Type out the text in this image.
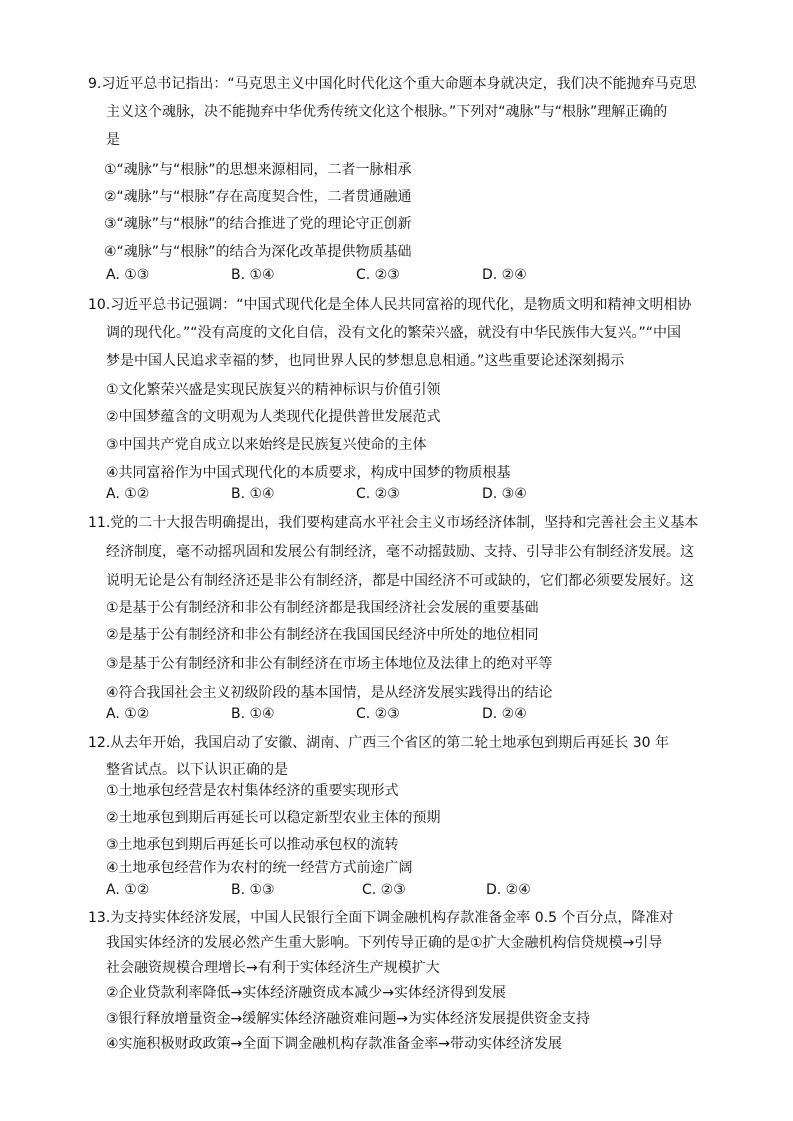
9.习近平总书记指出：“马克思主义中国化时代化这个重大命题本身就决定，我们决不能抛弃马克思
主义这个魂脉，决不能抛弃中华优秀传统文化这个根脉。”下列对“魂脉”与“根脉”理解正确的
是
①“魂脉”与“根脉”的思想来源相同，二者一脉相承
②“魂脉”与“根脉”存在高度契合性，二者贯通融通
③“魂脉”与“根脉”的结合推进了党的理论守正创新
④“魂脉”与“根脉”的结合为深化改革提供物质基础
A. ①③	B. ①④	C. ②③	D. ②④
10.习近平总书记强调：“中国式现代化是全体人民共同富裕的现代化，是物质文明和精神文明相协
调的现代化。”“没有高度的文化自信，没有文化的繁荣兴盛，就没有中华民族伟大复兴。”“中国
梦是中国人民追求幸福的梦，也同世界人民的梦想息息相通。”这些重要论述深刻揭示
①文化繁荣兴盛是实现民族复兴的精神标识与价值引领
②中国梦蕴含的文明观为人类现代化提供普世发展范式
③中国共产党自成立以来始终是民族复兴使命的主体
④共同富裕作为中国式现代化的本质要求，构成中国梦的物质根基
A. ①②	B. ①④	C. ②③	D. ③④
11.党的二十大报告明确提出，我们要构建高水平社会主义市场经济体制，坚持和完善社会主义基本
经济制度，毫不动摇巩固和发展公有制经济，毫不动摇鼓励、支持、引导非公有制经济发展。这
说明无论是公有制经济还是非公有制经济，都是中国经济不可或缺的，它们都必须要发展好。这
①是基于公有制经济和非公有制经济都是我国经济社会发展的重要基础
②是基于公有制经济和非公有制经济在我国国民经济中所处的地位相同
③是基于公有制经济和非公有制经济在市场主体地位及法律上的绝对平等
④符合我国社会主义初级阶段的基本国情，是从经济发展实践得出的结论
A. ①②	B. ①④	C. ②③	D. ②④
12.从去年开始，我国启动了安徽、湖南、广西三个省区的第二轮土地承包到期后再延长 30 年
整省试点。以下认识正确的是
①土地承包经营是农村集体经济的重要实现形式
②土地承包到期后再延长可以稳定新型农业主体的预期
③土地承包到期后再延长可以推动承包权的流转
④土地承包经营作为农村的统一经营方式前途广阔
A. ①②	B. ①③	C. ②③	D. ②④
13.为支持实体经济发展，中国人民银行全面下调金融机构存款准备金率 0.5 个百分点，降准对
我国实体经济的发展必然产生重大影响。下列传导正确的是①扩大金融机构信贷规模→引导
社会融资规模合理增长→有利于实体经济生产规模扩大
②企业贷款利率降低→实体经济融资成本减少→实体经济得到发展
③银行释放增量资金→缓解实体经济融资难问题→为实体经济发展提供资金支持
④实施积极财政政策→全面下调金融机构存款准备金率→带动实体经济发展
